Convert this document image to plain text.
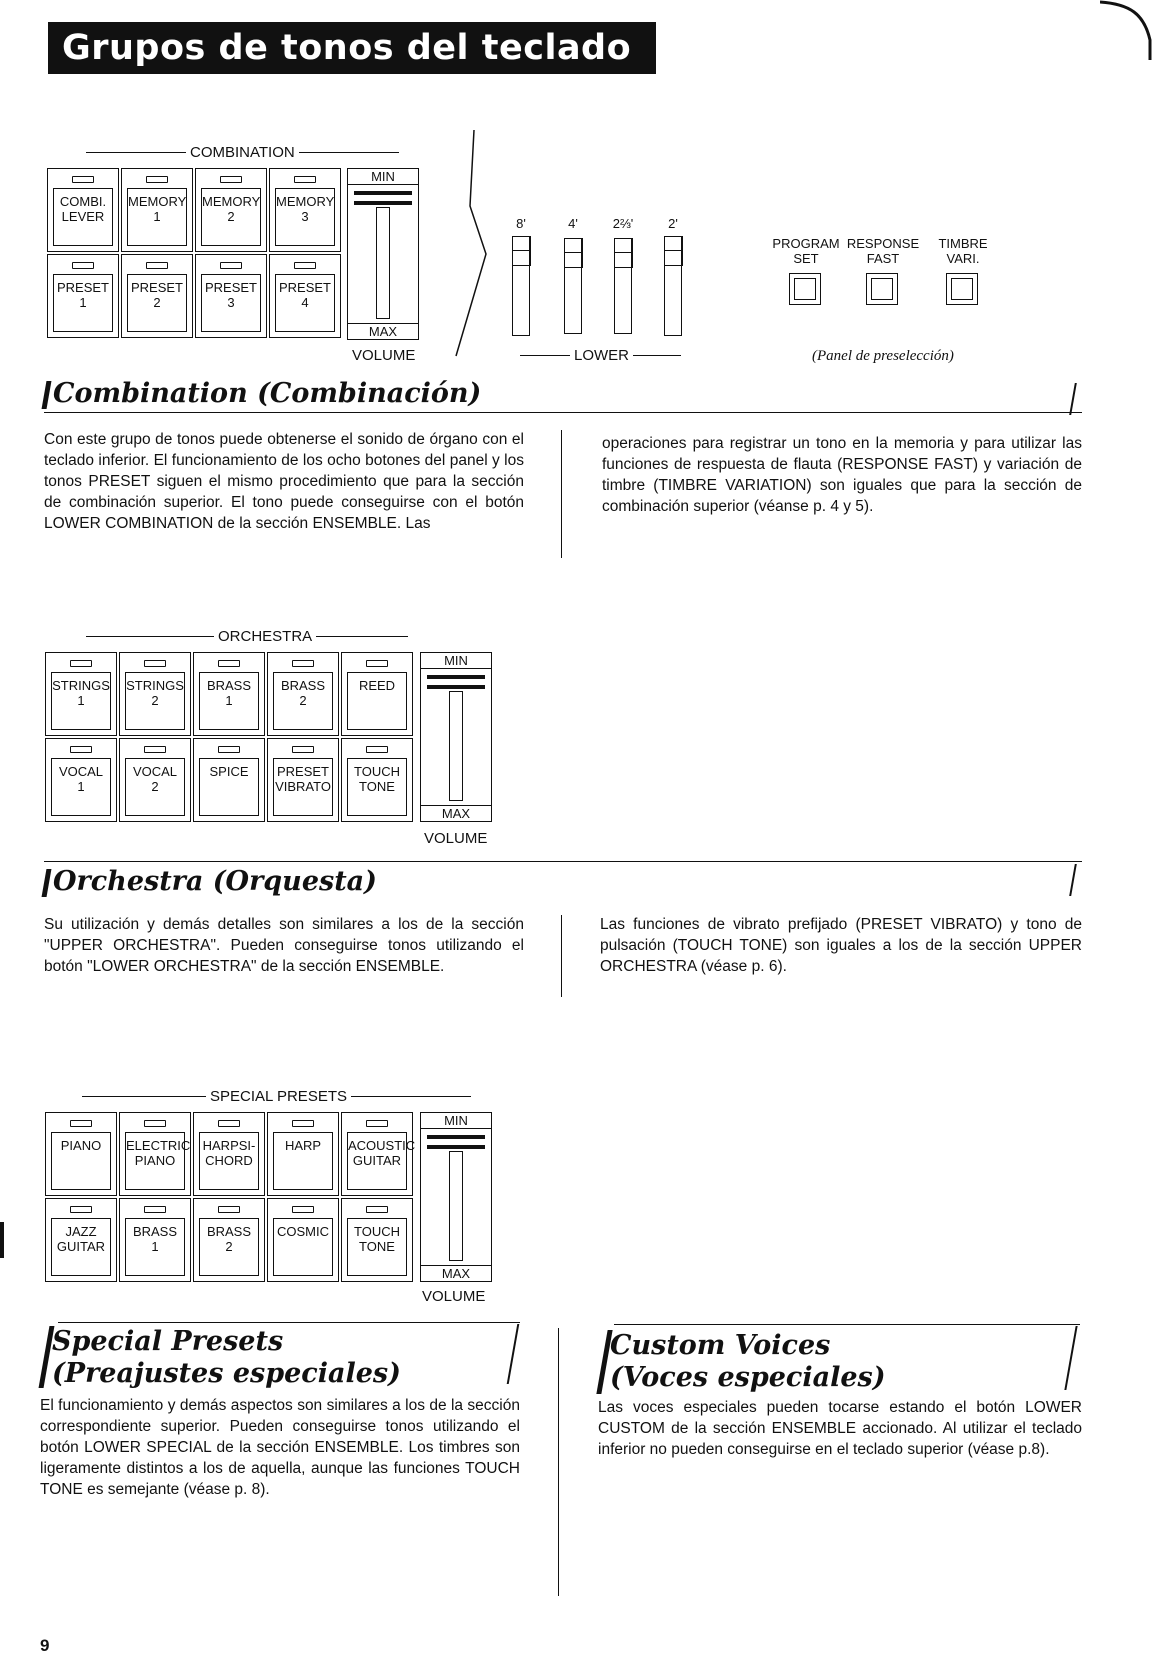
Grupos de tonos del teclado inferior
COMBINATION
COMBI.
LEVER
MEMORY
1
MEMORY
2
MEMORY
3
PRESET
1
PRESET
2
PRESET
3
PRESET
4
MIN
MAX
VOLUME
8'	4'	2⅔'	2'
LOWER
PROGRAM
SET
RESPONSE
FAST
TIMBRE
VARI.
(Panel de preselección)
Combination (Combinación)
Con este grupo de tonos puede obtenerse el sonido de órgano con el teclado inferior. El funcionamiento de los ocho botones del panel y los tonos PRESET siguen el mismo procedimiento que para la sección de combinación superior. El tono puede conseguirse con el botón LOWER COMBINATION de la sección ENSEMBLE. Las
operaciones para registrar un tono en la memoria y para utilizar las funciones de respuesta de flauta (RESPONSE FAST) y variación de timbre (TIMBRE VARIATION) son iguales que para la sección de combinación superior (véanse p. 4 y 5).
ORCHESTRA
STRINGS
1
STRINGS
2
BRASS
1
BRASS
2
REED
VOCAL
1
VOCAL
2
SPICE	PRESET
VIBRATO
TOUCH
TONE
MIN
MAX
VOLUME
Orchestra (Orquesta)
Su utilización y demás detalles son similares a los de la sección "UPPER ORCHESTRA". Pueden conseguirse tonos utilizando el botón "LOWER ORCHESTRA" de la sección ENSEMBLE.
Las funciones de vibrato prefijado (PRESET VIBRATO) y tono de pulsación (TOUCH TONE) son iguales a los de la sección UPPER ORCHESTRA (véase p. 6).
SPECIAL PRESETS
PIANO	ELECTRIC
PIANO
HARPSI-
CHORD
HARP	ACOUSTIC
GUITAR
JAZZ
GUITAR
BRASS
1
BRASS
2
COSMIC	TOUCH
TONE
MIN
MAX
VOLUME
Special Presets
(Preajustes especiales)
El funcionamiento y demás aspectos son similares a los de la sección correspondiente superior. Pueden conseguirse tonos utilizando el botón LOWER SPECIAL de la sección ENSEMBLE. Los timbres son ligeramente distintos a los de aquella, aunque las funciones TOUCH TONE es semejante (véase p. 8).
Custom Voices
(Voces especiales)
Las voces especiales pueden tocarse estando el botón LOWER CUSTOM de la sección ENSEMBLE accionado. Al utilizar el teclado inferior no pueden conseguirse en el teclado superior (véase p.8).
9
